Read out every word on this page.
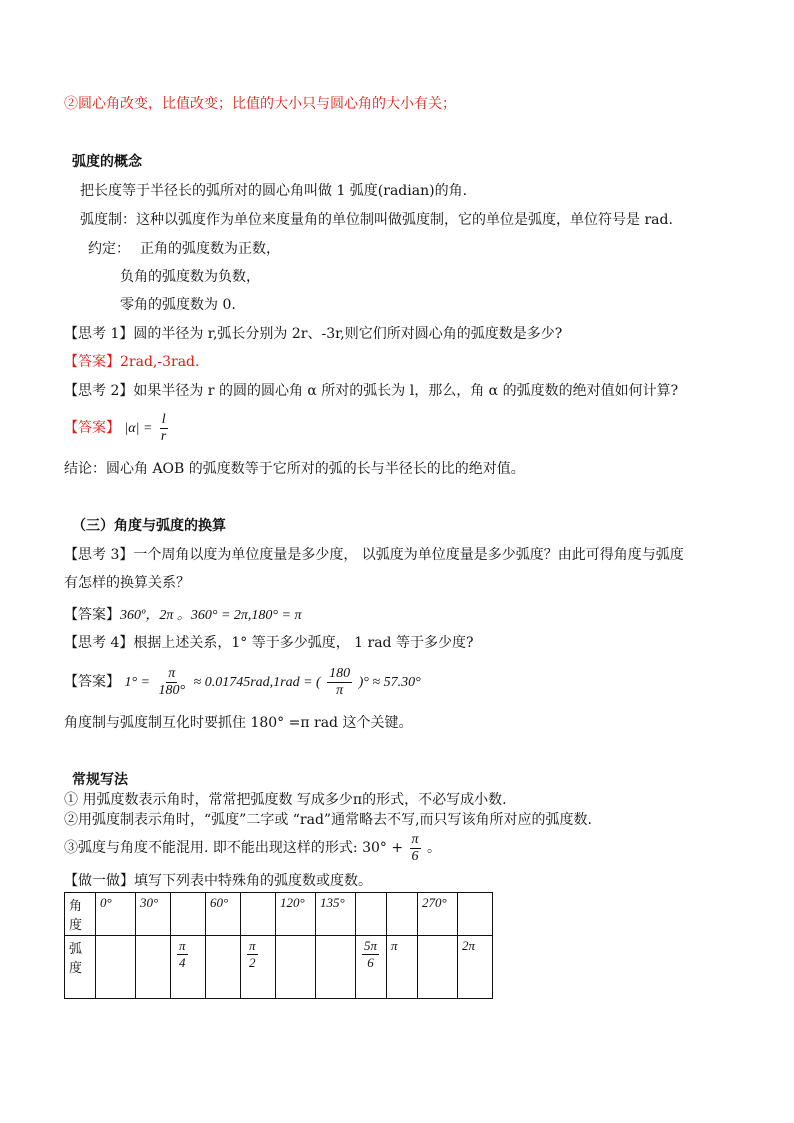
②圆心角改变，比值改变；比值的大小只与圆心角的大小有关；
弧度的概念
把长度等于半径长的弧所对的圆心角叫做 1 弧度(radian)的角.
弧度制：这种以弧度作为单位来度量角的单位制叫做弧度制，它的单位是弧度，单位符号是 rad.
约定： 正角的弧度数为正数，
负角的弧度数为负数，
零角的弧度数为 0.
【思考 1】圆的半径为 r,弧长分别为 2r、-3r,则它们所对圆心角的弧度数是多少?
【答案】2rad,-3rad.
【思考 2】如果半径为 r 的圆的圆心角 α 所对的弧长为 l，那么，角 α 的弧度数的绝对值如何计算?
【答案】 $|\alpha| = \frac{l}{r}$
结论：圆心角 AOB 的弧度数等于它所对的弧的长与半径长的比的绝对值。
（三）角度与弧度的换算
【思考 3】一个周角以度为单位度量是多少度， 以弧度为单位度量是多少弧度？由此可得角度与弧度
有怎样的换算关系？
【答案】360º，2π 。360° = 2π,180° = π
【思考 4】根据上述关系，1° 等于多少弧度， 1 rad 等于多少度?
【答案】 $1^\circ = \frac{\pi}{180^\circ} \approx 0.01745rad,1rad$ = ( $\frac{180}{\pi}$ )° ≈ 57.30°
角度制与弧度制互化时要抓住 180° =π rad 这个关键。
常规写法
① 用弧度数表示角时，常常把弧度数 写成多少π的形式，不必写成小数.
②用弧度制表示角时，“弧度”二字或 “rad”通常略去不写,而只写该角所对应的弧度数.
③弧度与角度不能混用. 即不能出现这样的形式: $30^\circ + \frac{\pi}{6}$ 。
【做一做】填写下列表中特殊角的弧度数或度数。
角度	0°	30°		60°		120°	135°			270°	
弧度			$\frac{\pi}{4}$		$\frac{\pi}{2}$			$\frac{5\pi}{6}$	π		2π
